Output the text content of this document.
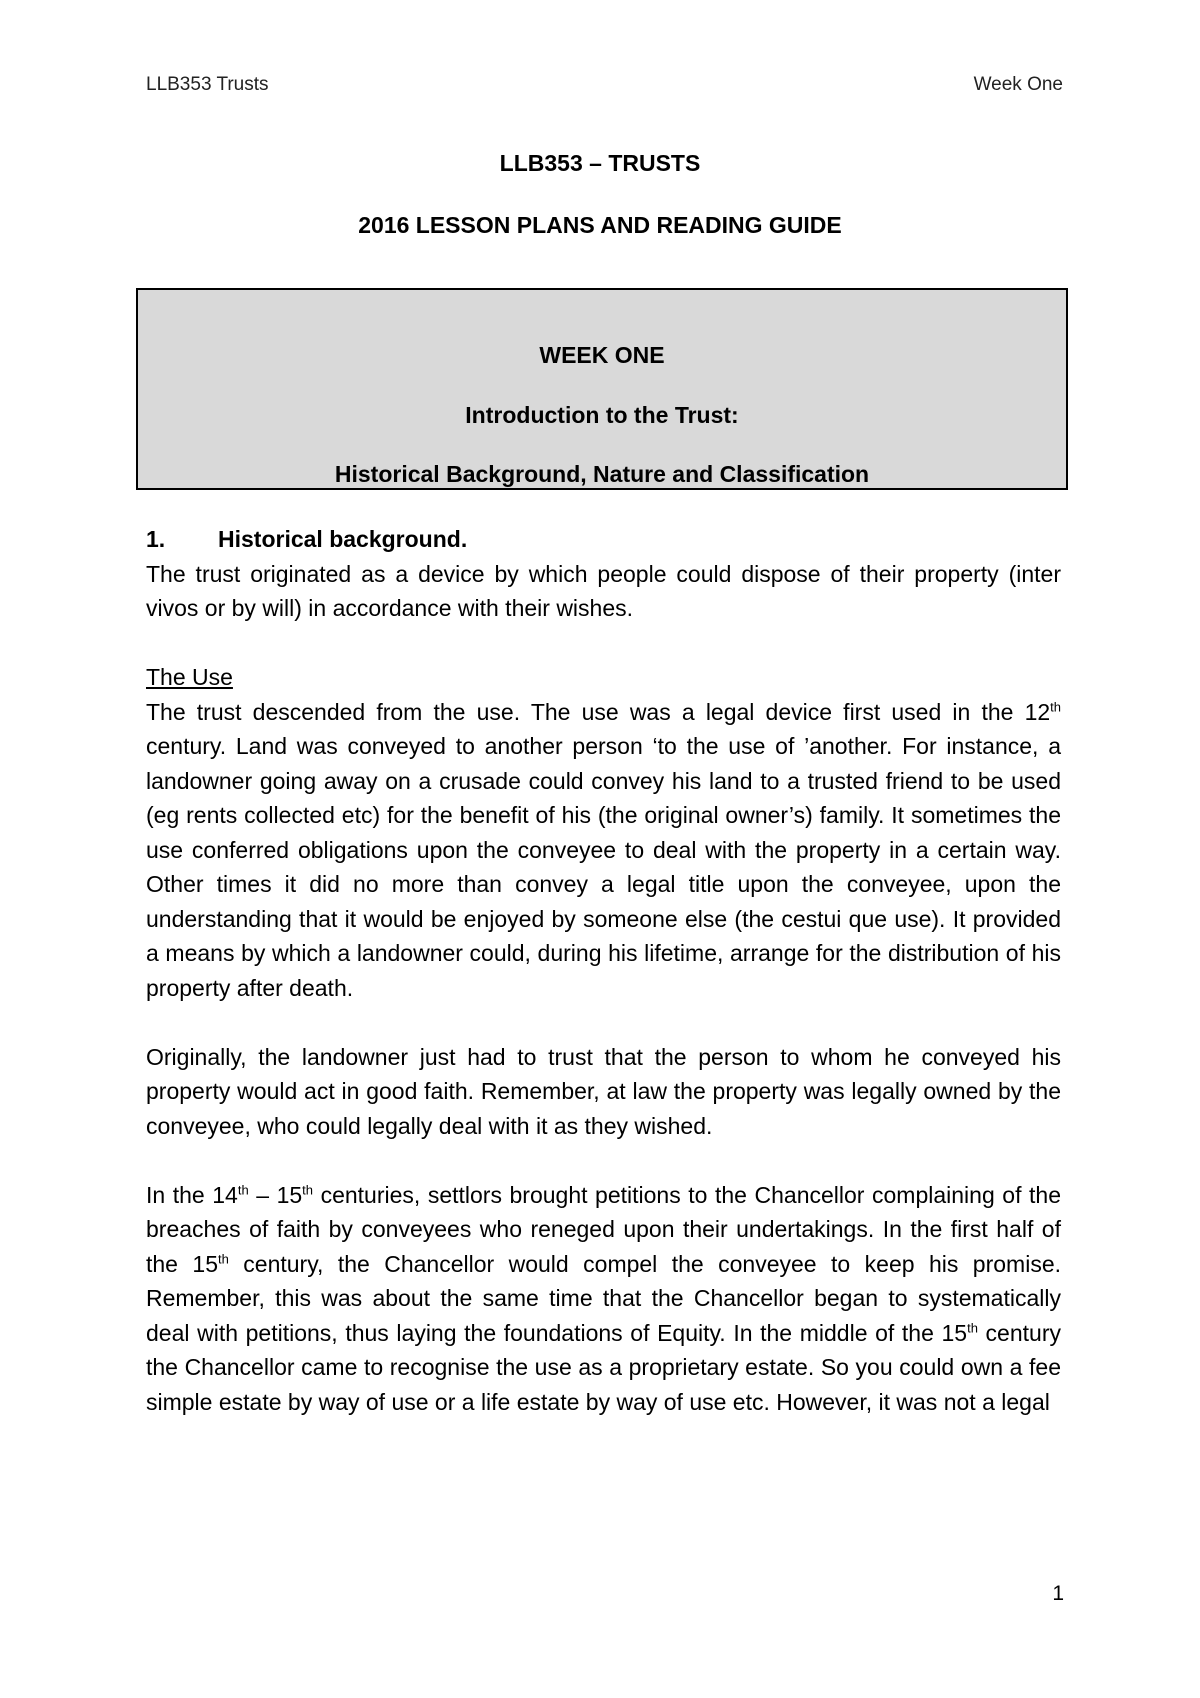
LLB353 Trusts	Week One
LLB353 – TRUSTS
2016 LESSON PLANS AND READING GUIDE
WEEK ONE
Introduction to the Trust:
Historical Background, Nature and Classification

1. Historical background.

The trust originated as a device by which people could dispose of their property (inter vivos or by will) in accordance with their wishes.

The Use

The trust descended from the use. The use was a legal device first used in the 12th century. Land was conveyed to another person ‘to the use of ’another. For instance, a landowner going away on a crusade could convey his land to a trusted friend to be used (eg rents collected etc) for the benefit of his (the original owner’s) family. It sometimes the use conferred obligations upon the conveyee to deal with the property in a certain way. Other times it did no more than convey a legal title upon the conveyee, upon the understanding that it would be enjoyed by someone else (the cestui que use). It provided a means by which a landowner could, during his lifetime, arrange for the distribution of his property after death.

Originally, the landowner just had to trust that the person to whom he conveyed his property would act in good faith. Remember, at law the property was legally owned by the conveyee, who could legally deal with it as they wished.

In the 14th – 15th centuries, settlors brought petitions to the Chancellor complaining of the breaches of faith by conveyees who reneged upon their undertakings. In the first half of the 15th century, the Chancellor would compel the conveyee to keep his promise. Remember, this was about the same time that the Chancellor began to systematically deal with petitions, thus laying the foundations of Equity. In the middle of the 15th century the Chancellor came to recognise the use as a proprietary estate. So you could own a fee simple estate by way of use or a life estate by way of use etc. However, it was not a legal

1
